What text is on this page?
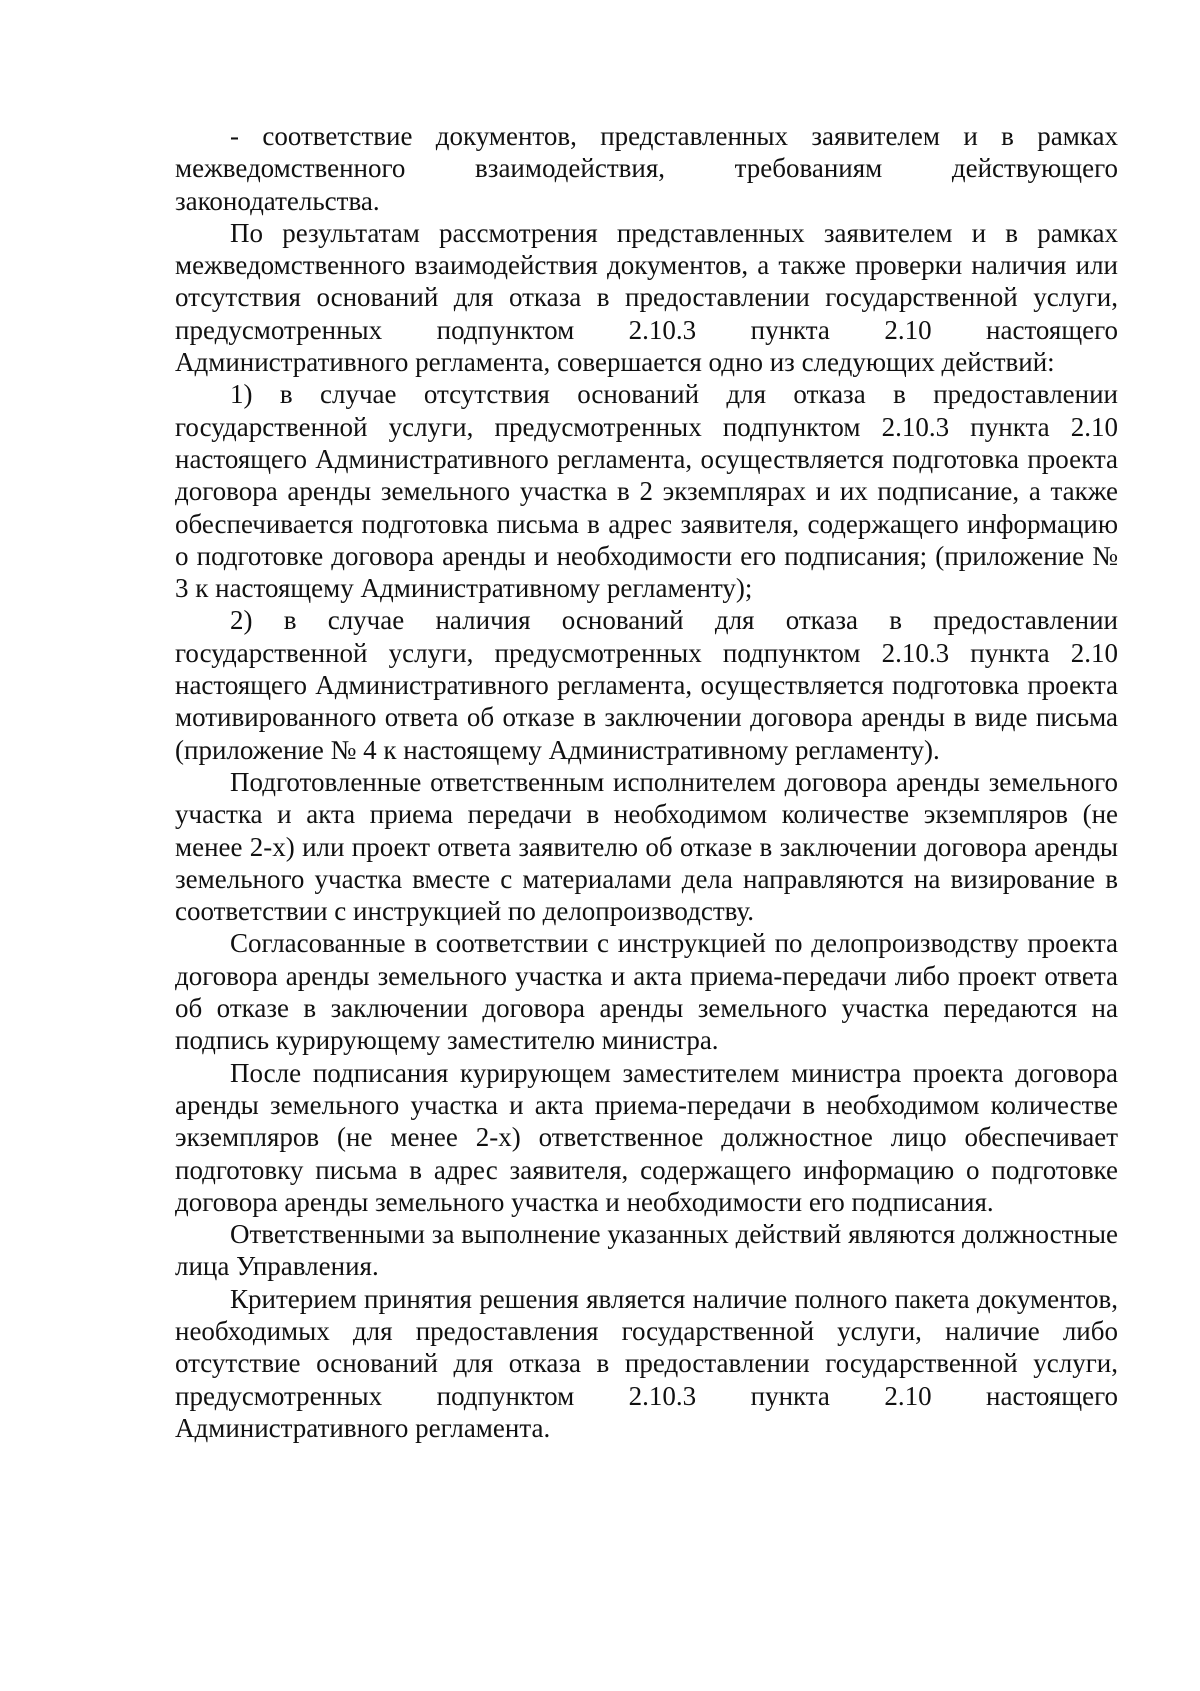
- соответствие документов, представленных заявителем и в рамках межведомственного взаимодействия, требованиям действующего законодательства.

По результатам рассмотрения представленных заявителем и в рамках межведомственного взаимодействия документов, а также проверки наличия или отсутствия оснований для отказа в предоставлении государственной услуги, предусмотренных подпунктом 2.10.3 пункта 2.10 настоящего Административного регламента, совершается одно из следующих действий:

1) в случае отсутствия оснований для отказа в предоставлении государственной услуги, предусмотренных подпунктом 2.10.3 пункта 2.10 настоящего Административного регламента, осуществляется подготовка проекта договора аренды земельного участка в 2 экземплярах и их подписание, а также обеспечивается подготовка письма в адрес заявителя, содержащего информацию о подготовке договора аренды и необходимости его подписания; (приложение № 3 к настоящему Административному регламенту);

2) в случае наличия оснований для отказа в предоставлении государственной услуги, предусмотренных подпунктом 2.10.3 пункта 2.10 настоящего Административного регламента, осуществляется подготовка проекта мотивированного ответа об отказе в заключении договора аренды в виде письма (приложение № 4 к настоящему Административному регламенту).

Подготовленные ответственным исполнителем договора аренды земельного участка и акта приема передачи в необходимом количестве экземпляров (не менее 2-х) или проект ответа заявителю об отказе в заключении договора аренды земельного участка вместе с материалами дела направляются на визирование в соответствии с инструкцией по делопроизводству.

Согласованные в соответствии с инструкцией по делопроизводству проекта договора аренды земельного участка и акта приема-передачи либо проект ответа об отказе в заключении договора аренды земельного участка передаются на подпись курирующему заместителю министра.

После подписания курирующем заместителем министра проекта договора аренды земельного участка и акта приема-передачи в необходимом количестве экземпляров (не менее 2-х) ответственное должностное лицо обеспечивает подготовку письма в адрес заявителя, содержащего информацию о подготовке договора аренды земельного участка и необходимости его подписания.

Ответственными за выполнение указанных действий являются должностные лица Управления.

Критерием принятия решения является наличие полного пакета документов, необходимых для предоставления государственной услуги, наличие либо отсутствие оснований для отказа в предоставлении государственной услуги, предусмотренных подпунктом 2.10.3 пункта 2.10 настоящего Административного регламента.
